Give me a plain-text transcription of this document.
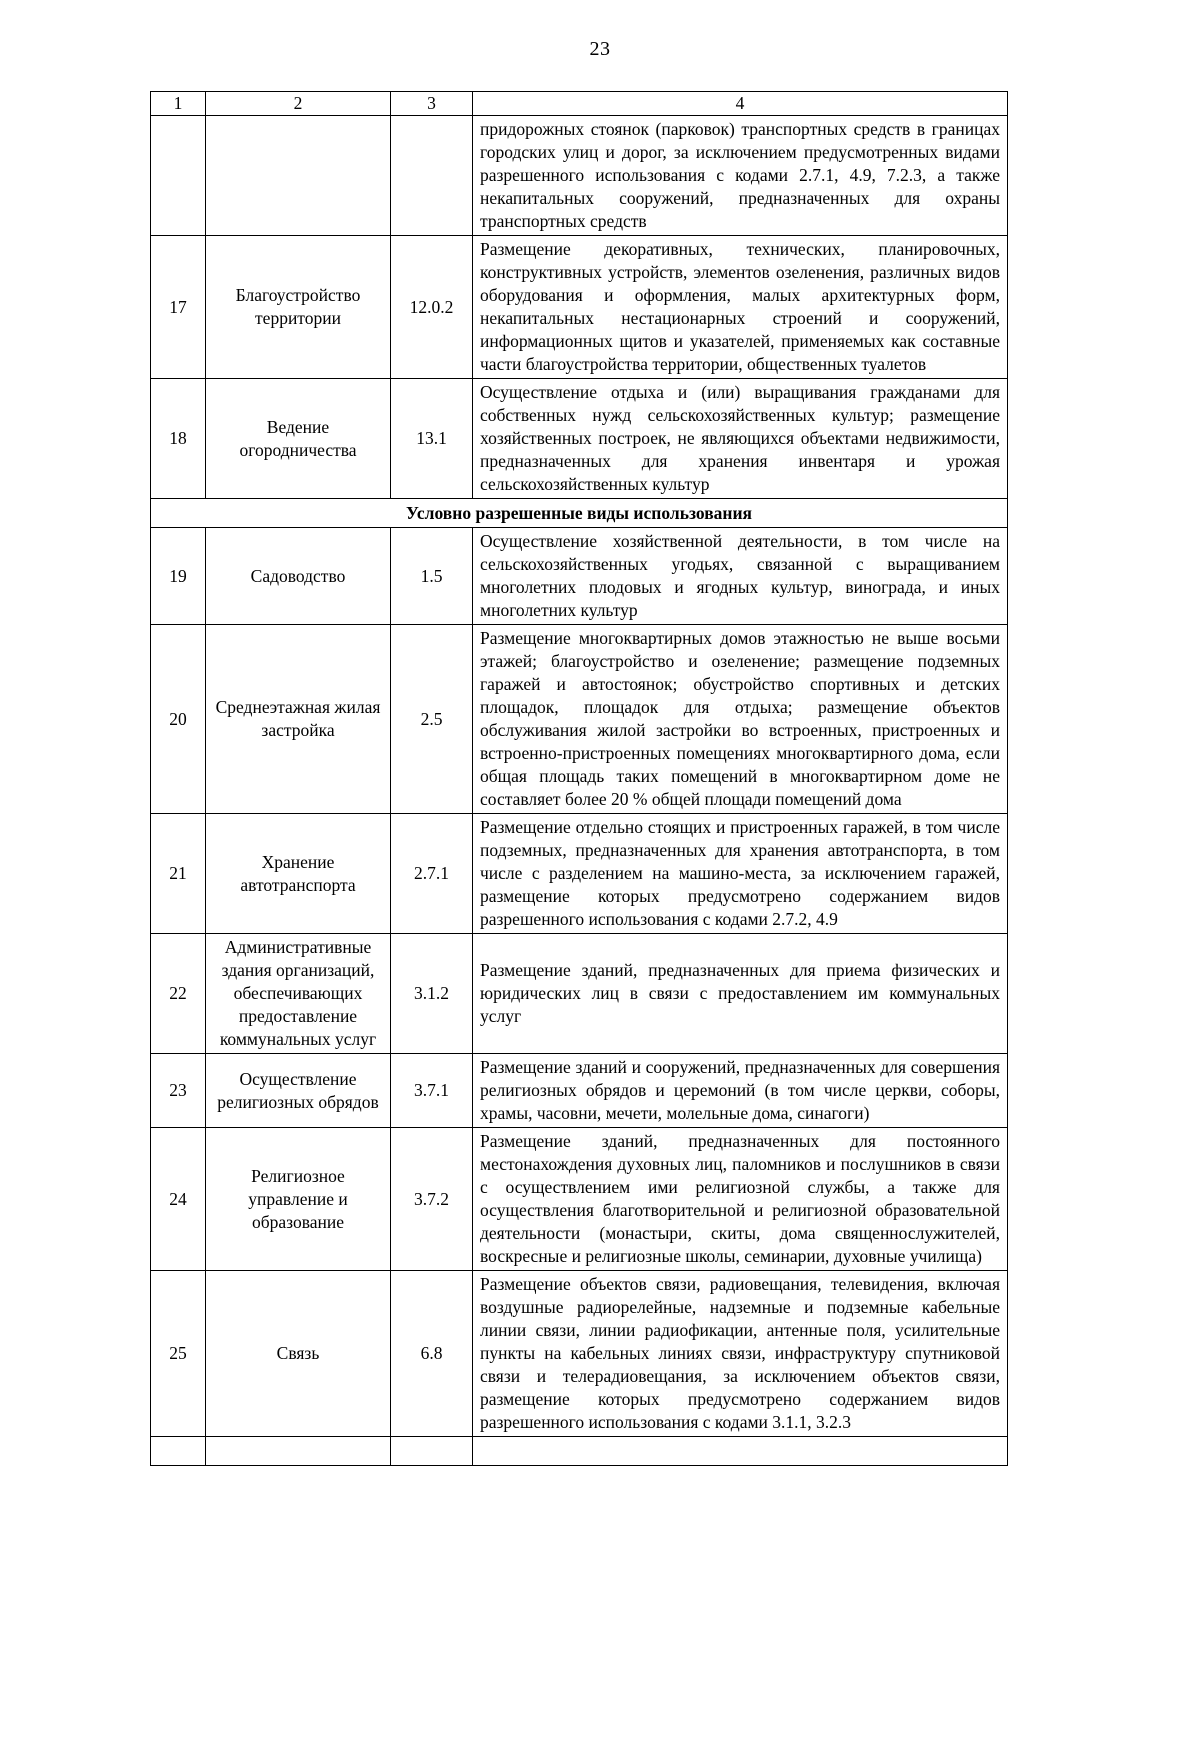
23
1	2	3	4
			придорожных стоянок (парковок) транспортных средств в границах городских улиц и дорог, за исключением предусмотренных видами разрешенного использования с кодами 2.7.1, 4.9, 7.2.3, а также некапитальных сооружений, предназначенных для охраны транспортных средств
17	Благоустройство территории	12.0.2	Размещение декоративных, технических, планировочных, конструктивных устройств, элементов озеленения, различных видов оборудования и оформления, малых архитектурных форм, некапитальных нестационарных строений и сооружений, информационных щитов и указателей, применяемых как составные части благоустройства территории, общественных туалетов
18	Ведение огородничества	13.1	Осуществление отдыха и (или) выращивания гражданами для собственных нужд сельскохозяйственных культур; размещение хозяйственных построек, не являющихся объектами недвижимости, предназначенных для хранения инвентаря и урожая сельскохозяйственных культур
Условно разрешенные виды использования			
19	Садоводство	1.5	Осуществление хозяйственной деятельности, в том числе на сельскохозяйственных угодьях, связанной с выращиванием многолетних плодовых и ягодных культур, винограда, и иных многолетних культур
20	Среднеэтажная жилая застройка	2.5	Размещение многоквартирных домов этажностью не выше восьми этажей; благоустройство и озеленение; размещение подземных гаражей и автостоянок; обустройство спортивных и детских площадок, площадок для отдыха; размещение объектов обслуживания жилой застройки во встроенных, пристроенных и встроенно-пристроенных помещениях многоквартирного дома, если общая площадь таких помещений в многоквартирном доме не составляет более 20 % общей площади помещений дома
21	Хранение автотранспорта	2.7.1	Размещение отдельно стоящих и пристроенных гаражей, в том числе подземных, предназначенных для хранения автотранспорта, в том числе с разделением на машино-места, за исключением гаражей, размещение которых предусмотрено содержанием видов разрешенного использования с кодами 2.7.2, 4.9
22	Административные здания организаций, обеспечивающих предоставление коммунальных услуг	3.1.2	Размещение зданий, предназначенных для приема физических и юридических лиц в связи с предоставлением им коммунальных услуг
23	Осуществление религиозных обрядов	3.7.1	Размещение зданий и сооружений, предназначенных для совершения религиозных обрядов и церемоний (в том числе церкви, соборы, храмы, часовни, мечети, молельные дома, синагоги)
24	Религиозное управление и образование	3.7.2	Размещение зданий, предназначенных для постоянного местонахождения духовных лиц, паломников и послушников в связи с осуществлением ими религиозной службы, а также для осуществления благотворительной и религиозной образовательной деятельности (монастыри, скиты, дома священнослужителей, воскресные и религиозные школы, семинарии, духовные училища)
25	Связь	6.8	Размещение объектов связи, радиовещания, телевидения, включая воздушные радиорелейные, надземные и подземные кабельные линии связи, линии радиофикации, антенные поля, усилительные пункты на кабельных линиях связи, инфраструктуру спутниковой связи и телерадиовещания, за исключением объектов связи, размещение которых предусмотрено содержанием видов разрешенного использования с кодами 3.1.1, 3.2.3
